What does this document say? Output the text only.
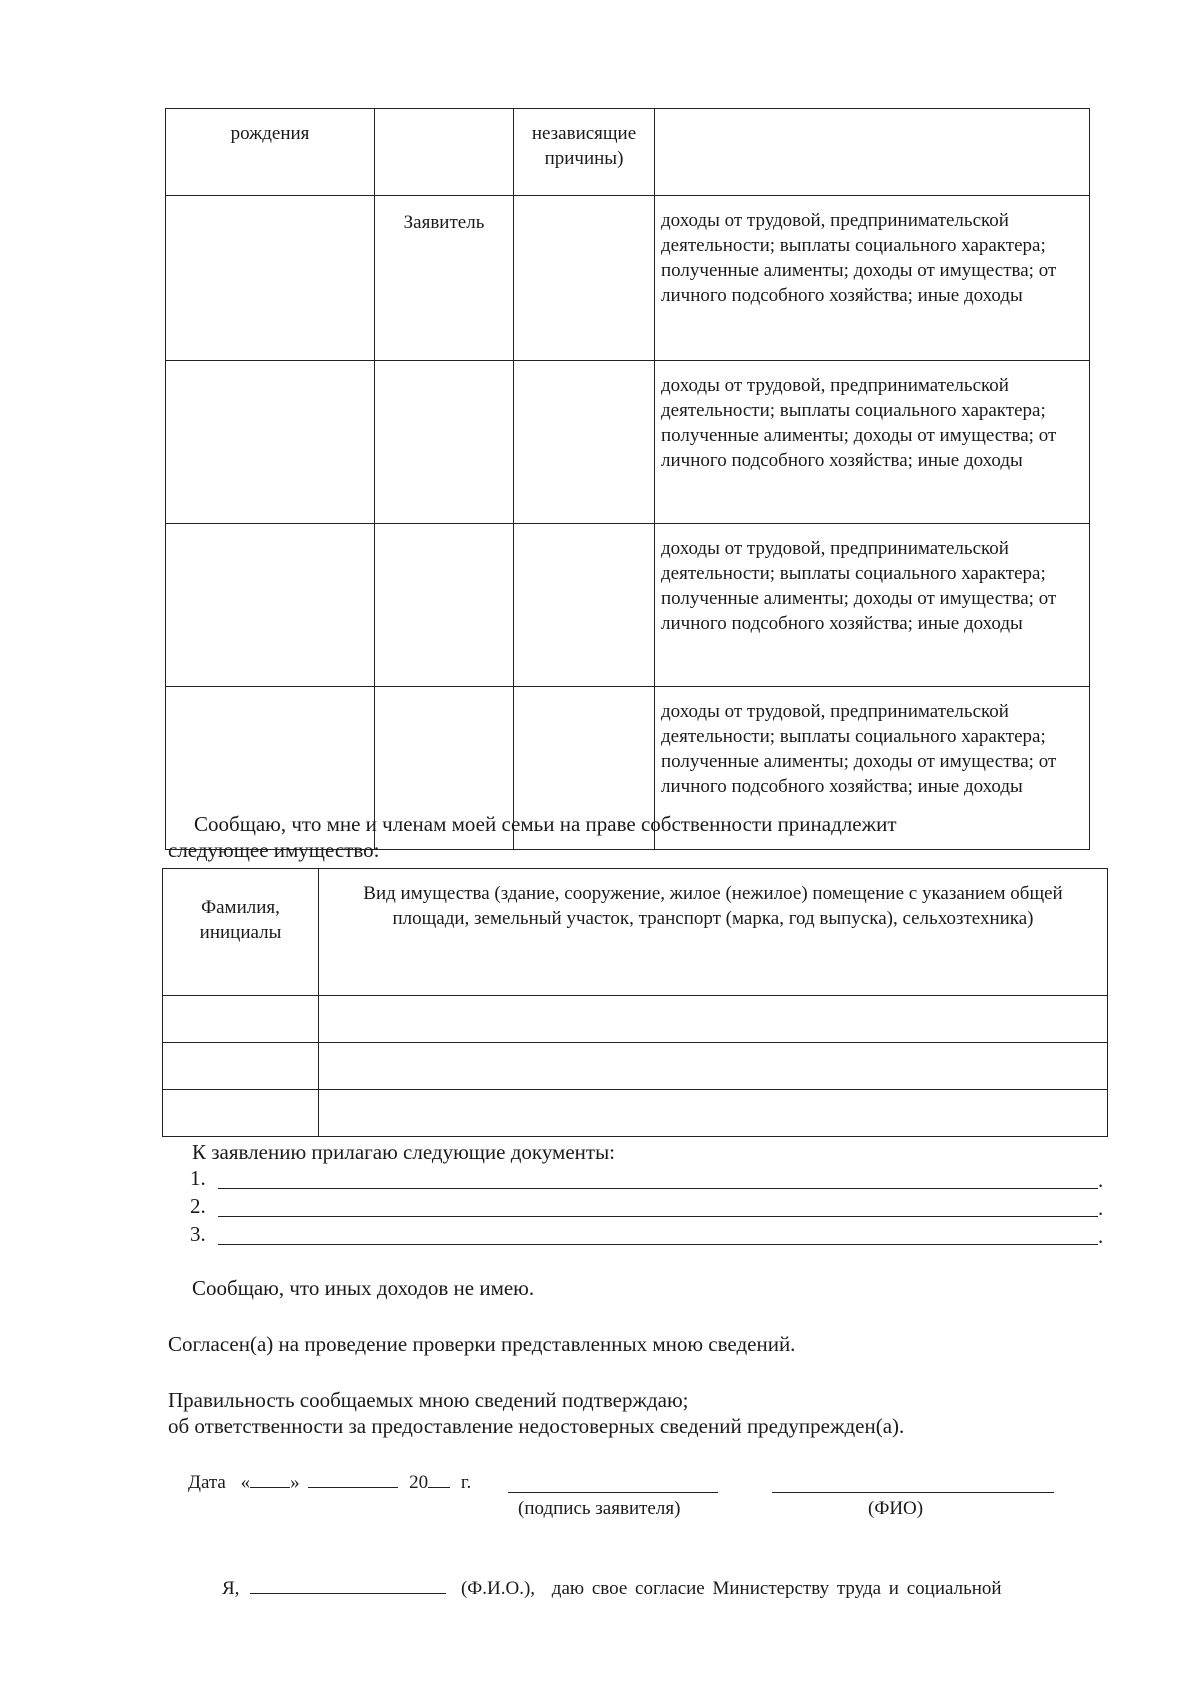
рождения		независящие причины)	
	Заявитель		доходы от трудовой, предпринимательской деятельности; выплаты социального характера; полученные алименты; доходы от имущества; от личного подсобного хозяйства; иные доходы
			доходы от трудовой, предпринимательской деятельности; выплаты социального характера; полученные алименты; доходы от имущества; от личного подсобного хозяйства; иные доходы
			доходы от трудовой, предпринимательской деятельности; выплаты социального характера; полученные алименты; доходы от имущества; от личного подсобного хозяйства; иные доходы
			доходы от трудовой, предпринимательской деятельности; выплаты социального характера; полученные алименты; доходы от имущества; от личного подсобного хозяйства; иные доходы
Сообщаю, что мне и членам моей семьи на праве собственности принадлежит
следующее имущество:
Фамилия, инициалы	Вид имущества (здание, сооружение, жилое (нежилое) помещение с указанием общей площади, земельный участок, транспорт (марка, год выпуска), сельхозтехника)

К заявлению прилагаю следующие документы:
1.	.
2.	.
3.	.
Сообщаю, что иных доходов не имею.
Согласен(а) на проведение проверки представленных мною сведений.
Правильность сообщаемых мною сведений подтверждаю;
об ответственности за предоставление недостоверных сведений предупрежден(а).
Дата « »	20 г.
(подпись заявителя)	(ФИО)
Я,	(Ф.И.О.), даю свое согласие Министерству труда и социальной
